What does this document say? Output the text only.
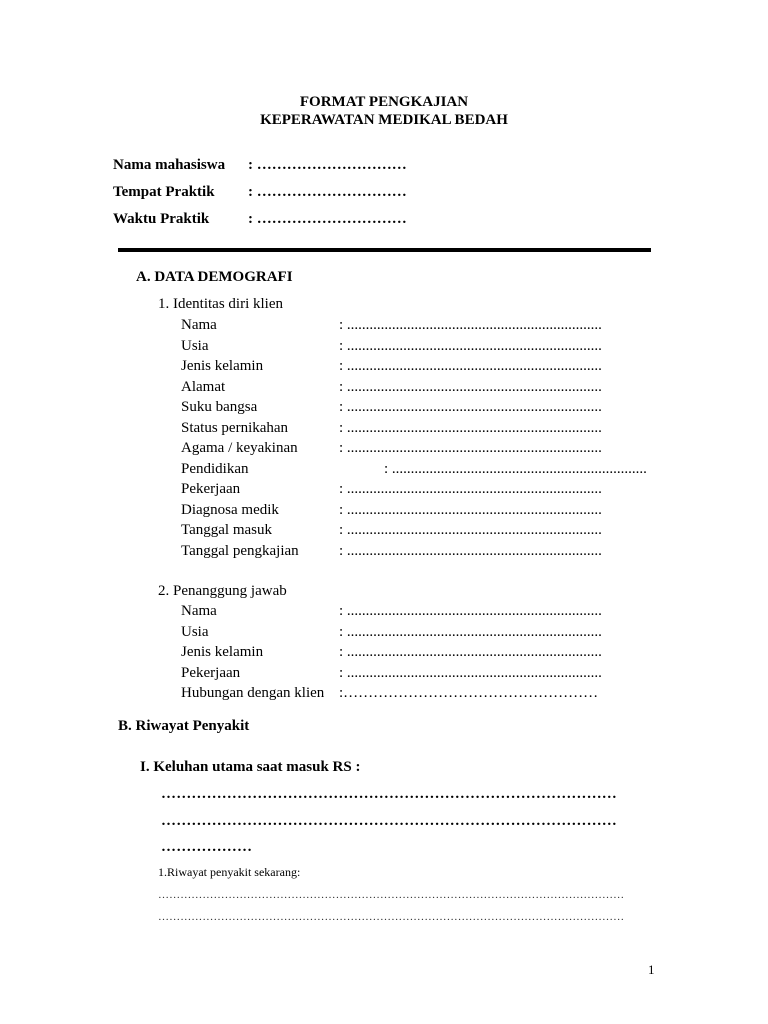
FORMAT PENGKAJIAN
KEPERAWATAN MEDIKAL BEDAH
Nama mahasiswa : …………………………
Tempat Praktik : …………………………
Waktu Praktik	: …………………………
A. DATA DEMOGRAFI
1. Identitas diri klien
Nama	: ....................................................................
Usia	: ....................................................................
Jenis kelamin	: ....................................................................
Alamat	: ....................................................................
Suku bangsa	: ....................................................................
Status pernikahan	: ....................................................................
Agama / keyakinan	: ....................................................................
Pendidikan	: ....................................................................
Pekerjaan	: ....................................................................
Diagnosa medik	: ....................................................................
Tanggal masuk	: ....................................................................
Tanggal pengkajian	: ....................................................................
2. Penanggung jawab
Nama	: ....................................................................
Usia	: ....................................................................
Jenis kelamin	: ....................................................................
Pekerjaan	: ....................................................................
Hubungan dengan klien :……………………………………………
B. Riwayat Penyakit
I. Keluhan utama saat masuk RS :
………………………………………………………………………………
………………………………………………………………………………
………………
1.Riwayat penyakit sekarang:
………………………………………………………………………………………………………………
………………………………………………………………………………………………………………
1
